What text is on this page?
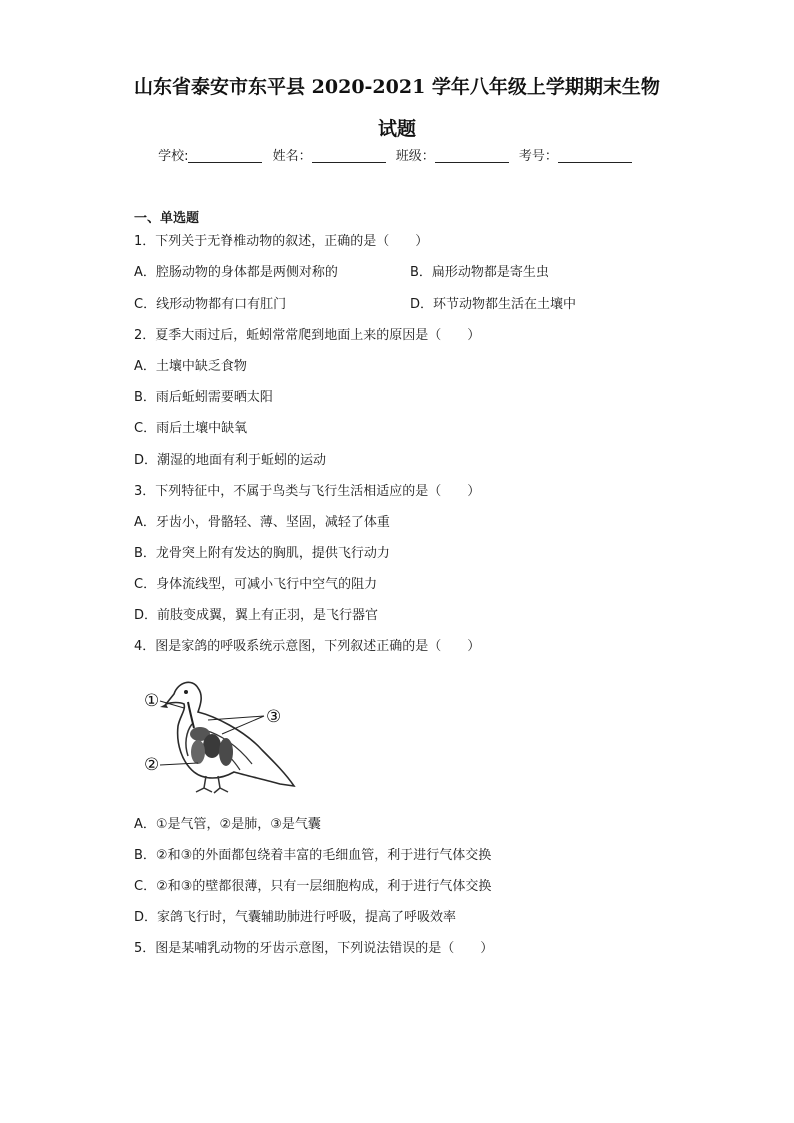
山东省泰安市东平县 2020-2021 学年八年级上学期期末生物
试题
学校:	姓名：	班级：	考号：
一、单选题
1．下列关于无脊椎动物的叙述，正确的是（　　）
A．腔肠动物的身体都是两侧对称的	B．扁形动物都是寄生虫
C．线形动物都有口有肛门	D．环节动物都生活在土壤中
2．夏季大雨过后，蚯蚓常常爬到地面上来的原因是（　　）
A．土壤中缺乏食物
B．雨后蚯蚓需要晒太阳
C．雨后土壤中缺氧
D．潮湿的地面有利于蚯蚓的运动
3．下列特征中，不属于鸟类与飞行生活相适应的是（　　）
A．牙齿小，骨骼轻、薄、坚固，减轻了体重
B．龙骨突上附有发达的胸肌，提供飞行动力
C．身体流线型，可减小飞行中空气的阻力
D．前肢变成翼，翼上有正羽，是飞行器官
4．图是家鸽的呼吸系统示意图，下列叙述正确的是（　　）
①
②
③
A．①是气管，②是肺，③是气囊
B．②和③的外面都包绕着丰富的毛细血管，利于进行气体交换
C．②和③的壁都很薄，只有一层细胞构成，利于进行气体交换
D．家鸽飞行时，气囊辅助肺进行呼吸，提高了呼吸效率
5．图是某哺乳动物的牙齿示意图，下列说法错误的是（　　）
